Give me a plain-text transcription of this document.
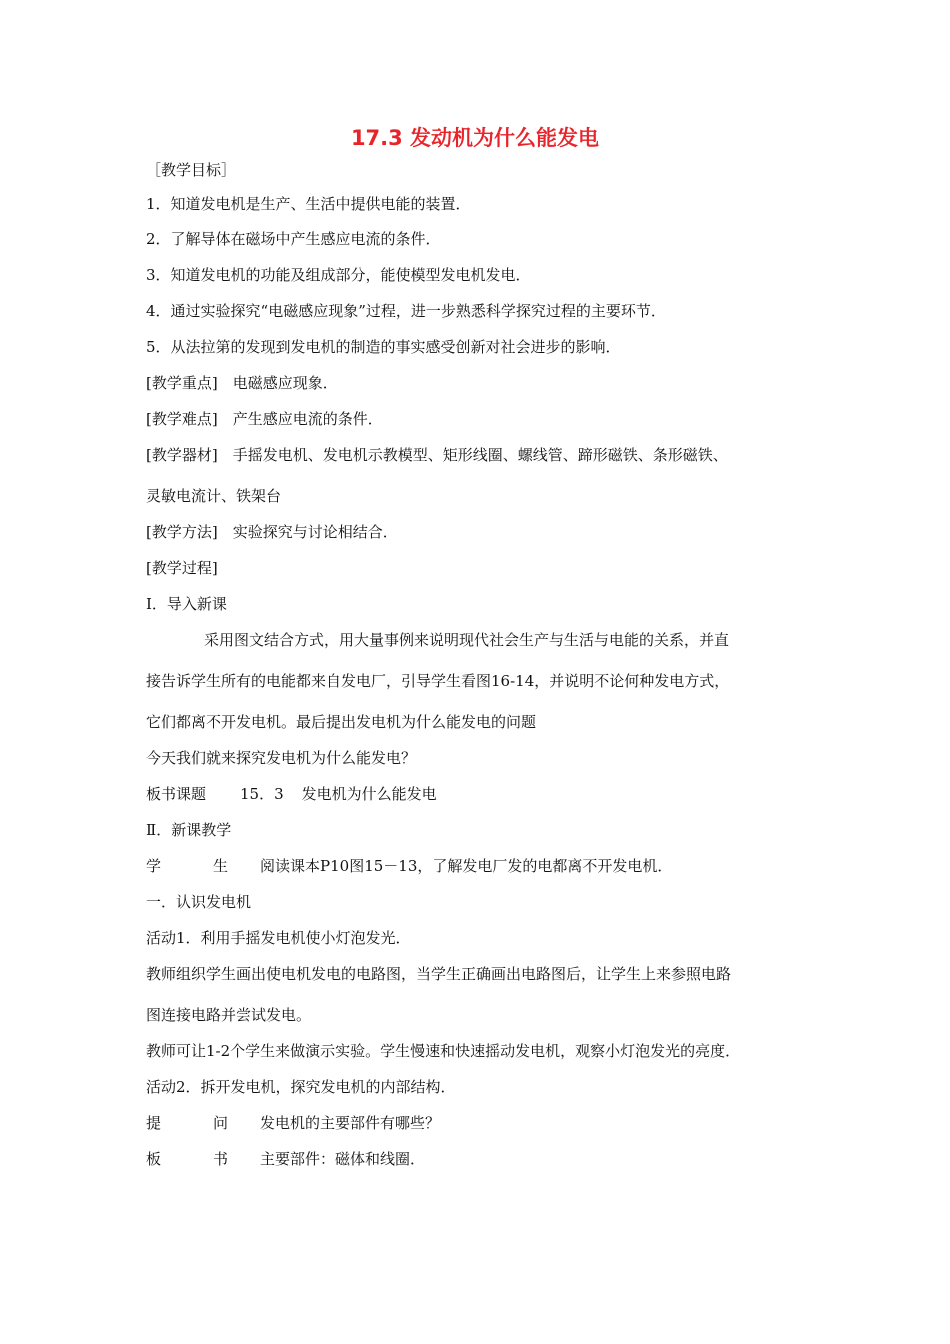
17.3 发动机为什么能发电
［教学目标］
1．知道发电机是生产、生活中提供电能的装置．
2．了解导体在磁场中产生感应电流的条件．
3．知道发电机的功能及组成部分，能使模型发电机发电．
4．通过实验探究“电磁感应现象”过程，进一步熟悉科学探究过程的主要环节．
5．从法拉第的发现到发电机的制造的事实感受创新对社会进步的影响．
[教学重点]　电磁感应现象．
[教学难点]　产生感应电流的条件．
[教学器材]　手摇发电机、发电机示教模型、矩形线圈、螺线管、蹄形磁铁、条形磁铁、
灵敏电流计、铁架台
[教学方法]　实验探究与讨论相结合．
[教学过程]
Ⅰ．导入新课
采用图文结合方式，用大量事例来说明现代社会生产与生活与电能的关系，并直
接告诉学生所有的电能都来自发电厂，引导学生看图16-14，并说明不论何种发电方式，
它们都离不开发电机。最后提出发电机为什么能发电的问题
今天我们就来探究发电机为什么能发电？
板书课题 15．3 发电机为什么能发电
Ⅱ．新课教学
学	生 阅读课本P10图15－13，了解发电厂发的电都离不开发电机．
一．认识发电机
活动1．利用手摇发电机使小灯泡发光．
教师组织学生画出使电机发电的电路图，当学生正确画出电路图后，让学生上来参照电路
图连接电路并尝试发电。
教师可让1-2个学生来做演示实验。学生慢速和快速摇动发电机，观察小灯泡发光的亮度．
活动2．拆开发电机，探究发电机的内部结构．
提	问 发电机的主要部件有哪些？
板	书 主要部件：磁体和线圈．
